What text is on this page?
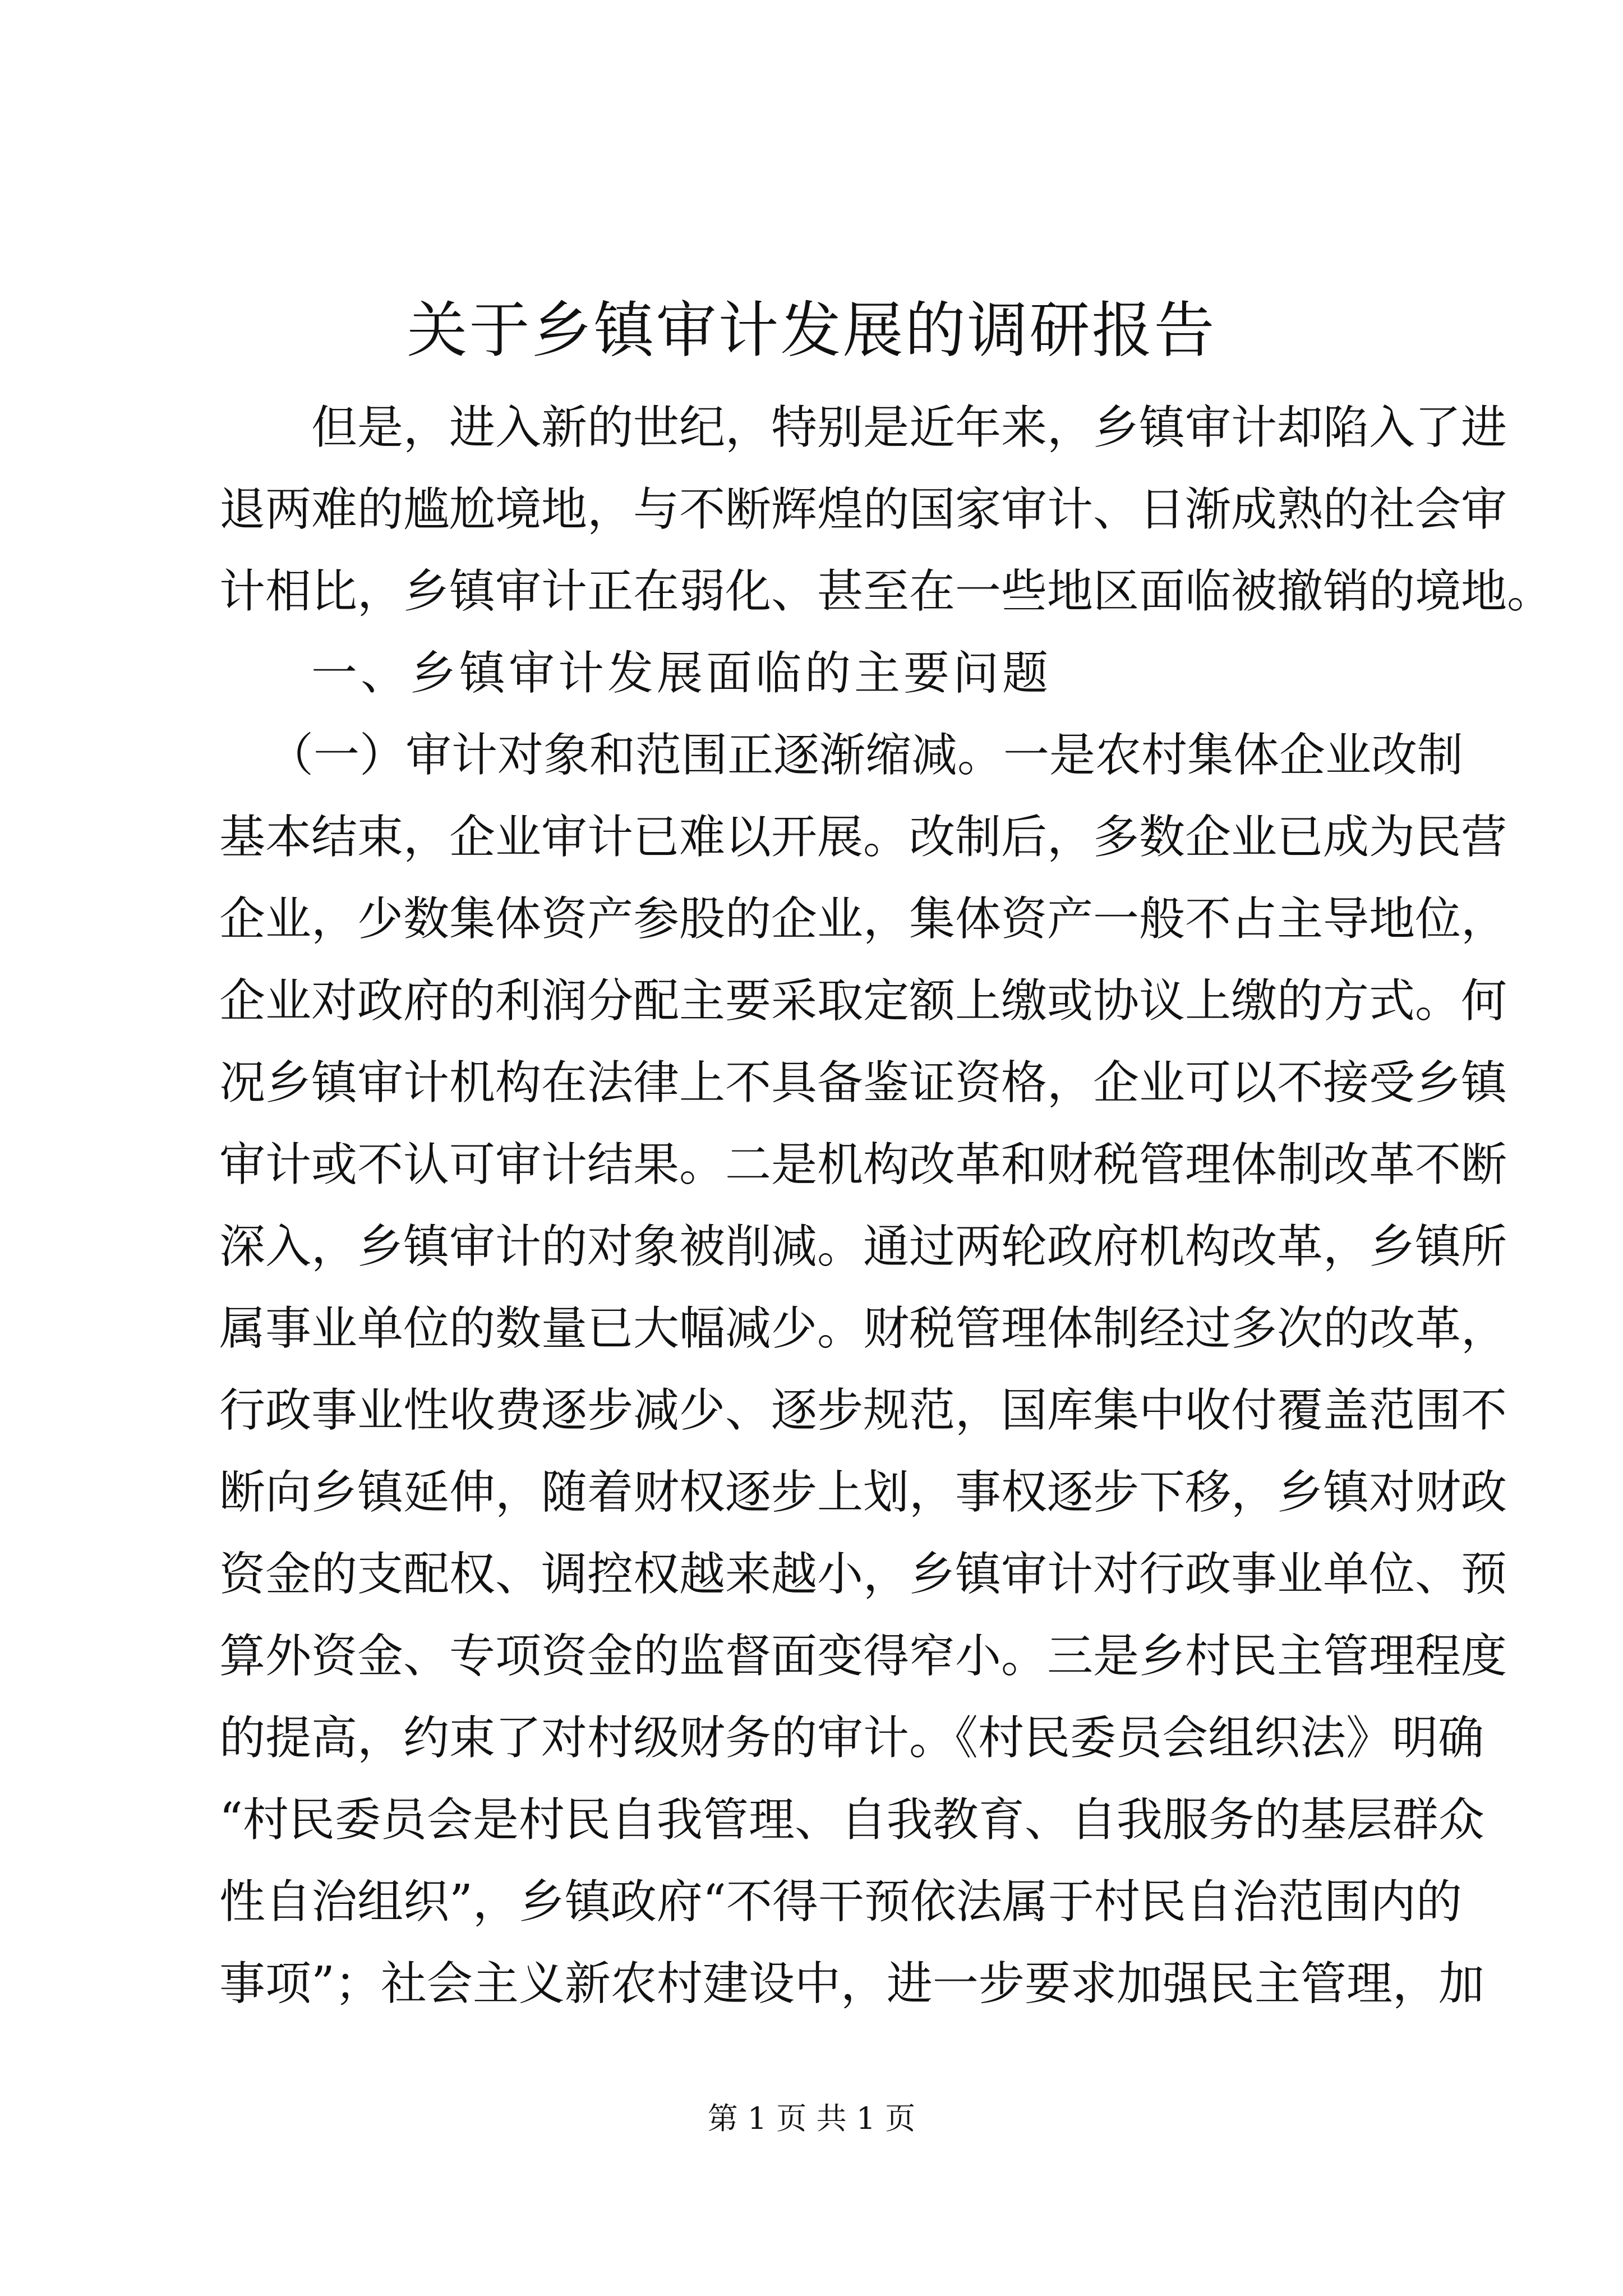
关于乡镇审计发展的调研报告
但是，进入新的世纪，特别是近年来，乡镇审计却陷入了进
退两难的尴尬境地，与不断辉煌的国家审计、日渐成熟的社会审
计相比，乡镇审计正在弱化、甚至在一些地区面临被撤销的境地。
一、乡镇审计发展面临的主要问题
（一）审计对象和范围正逐渐缩减。一是农村集体企业改制
基本结束，企业审计已难以开展。改制后，多数企业已成为民营
企业，少数集体资产参股的企业，集体资产一般不占主导地位，
企业对政府的利润分配主要采取定额上缴或协议上缴的方式。何
况乡镇审计机构在法律上不具备鉴证资格，企业可以不接受乡镇
审计或不认可审计结果。二是机构改革和财税管理体制改革不断
深入，乡镇审计的对象被削减。通过两轮政府机构改革，乡镇所
属事业单位的数量已大幅减少。财税管理体制经过多次的改革，
行政事业性收费逐步减少、逐步规范，国库集中收付覆盖范围不
断向乡镇延伸，随着财权逐步上划，事权逐步下移，乡镇对财政
资金的支配权、调控权越来越小，乡镇审计对行政事业单位、预
算外资金、专项资金的监督面变得窄小。三是乡村民主管理程度
的提高，约束了对村级财务的审计。《村民委员会组织法》明确
“村民委员会是村民自我管理、自我教育、自我服务的基层群众
性自治组织”，乡镇政府“不得干预依法属于村民自治范围内的
事项”；社会主义新农村建设中，进一步要求加强民主管理，加
第 1 页 共 1 页
